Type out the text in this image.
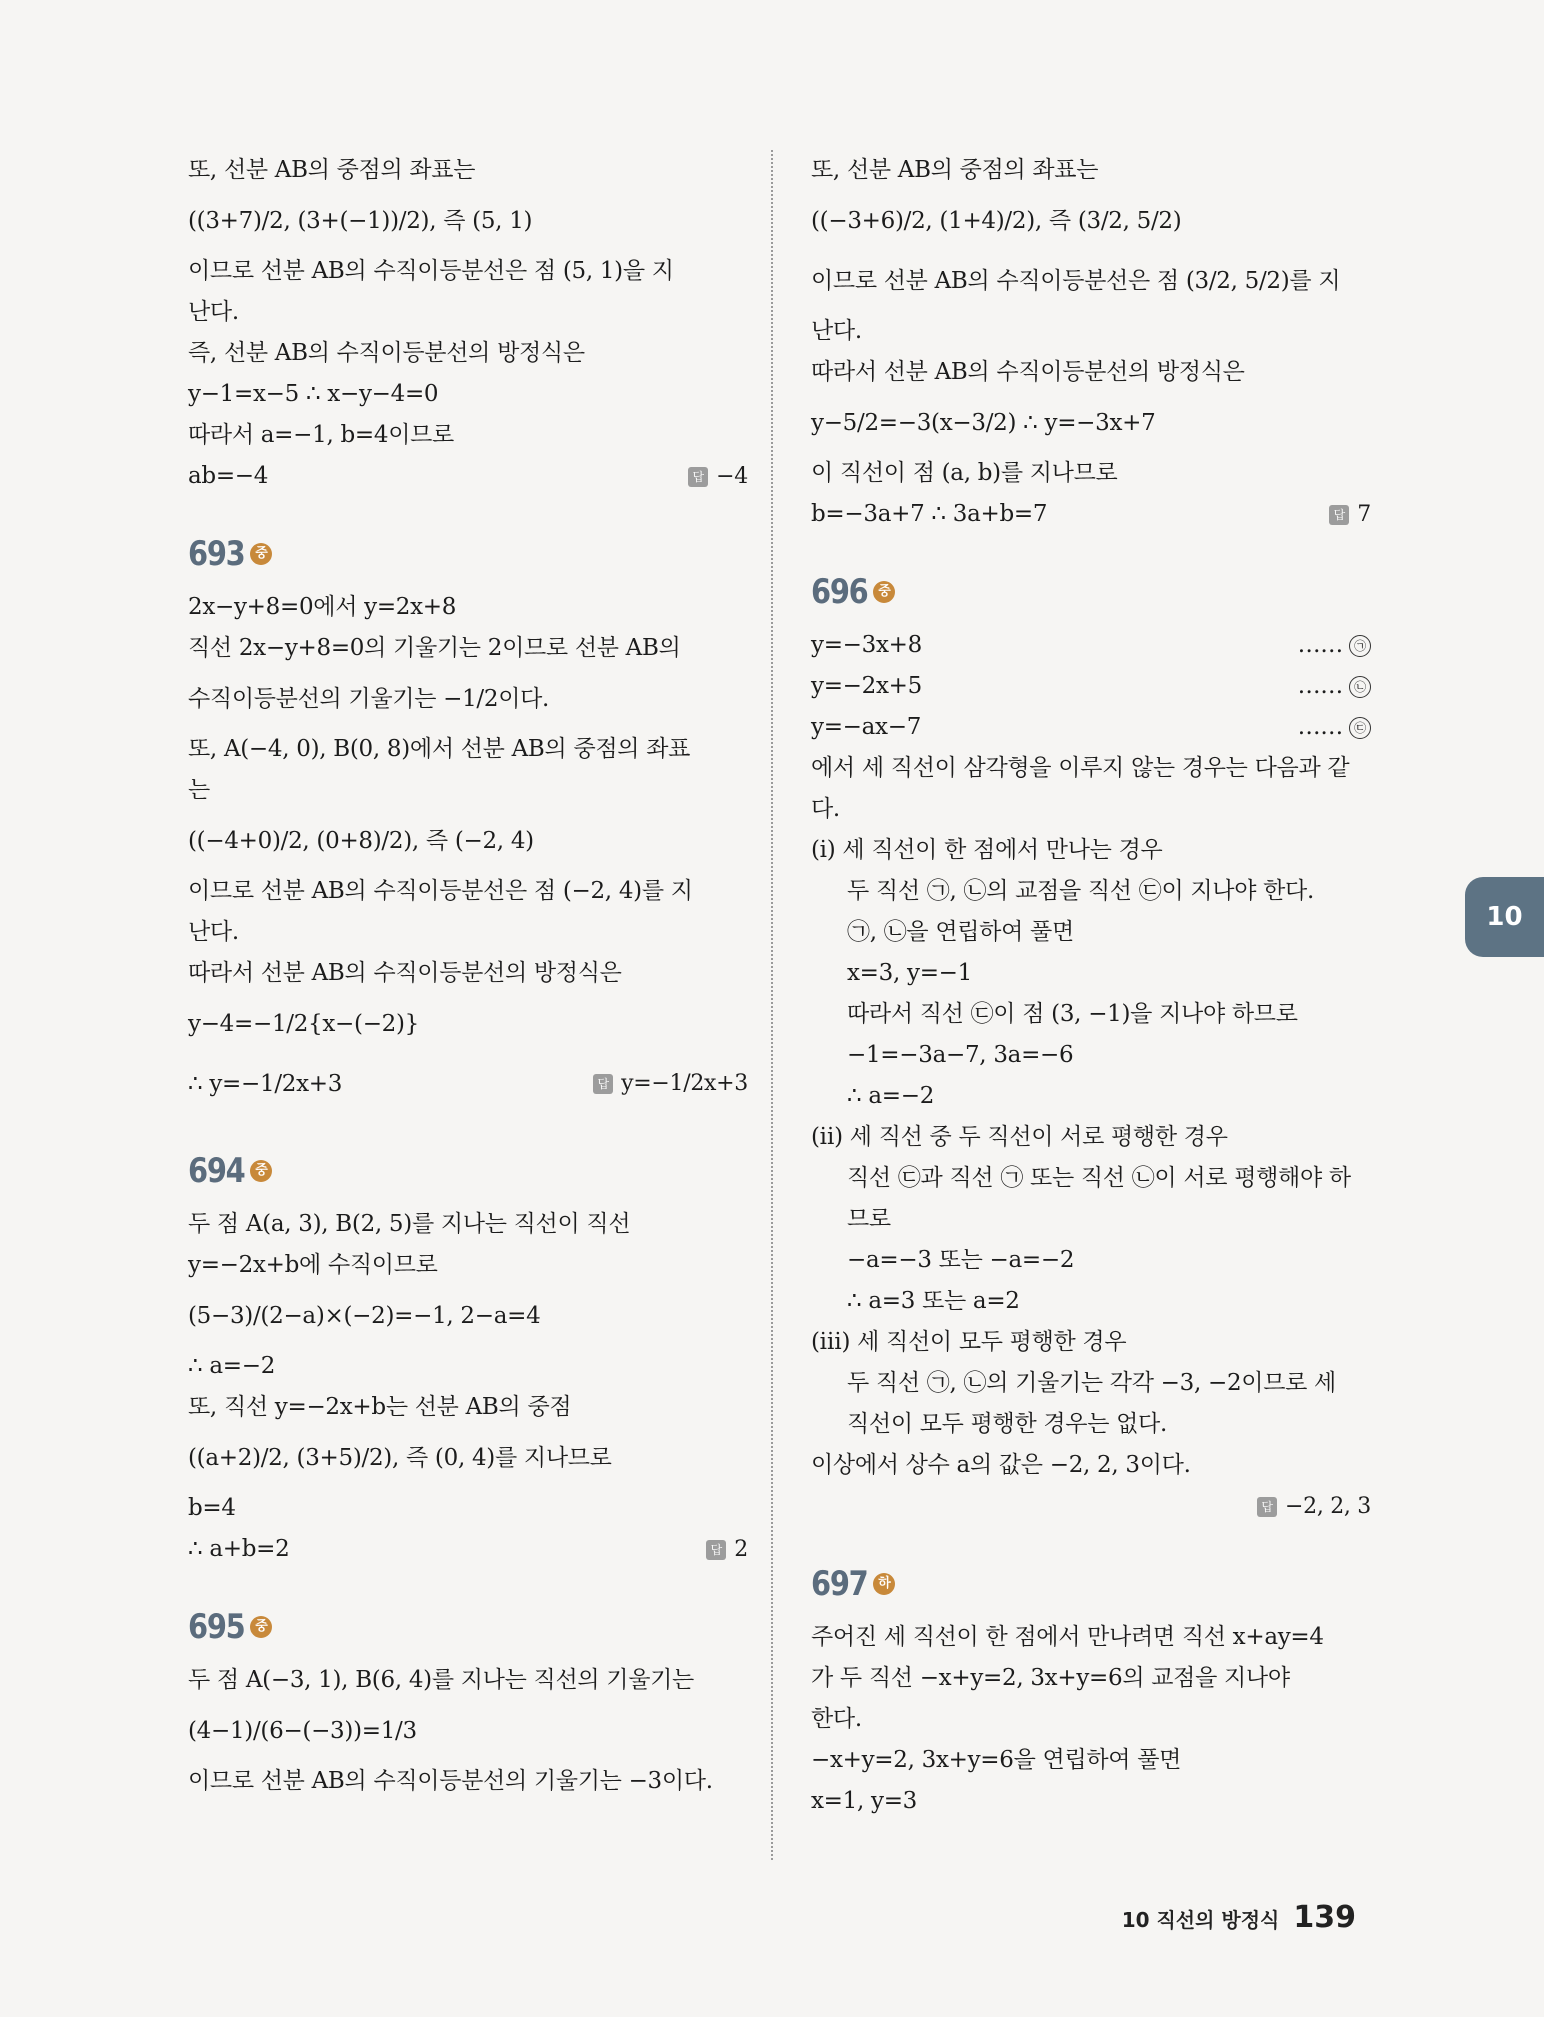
또, 선분 AB의 중점의 좌표는
((3+7)/2, (3+(−1))/2), 즉 (5, 1)
이므로 선분 AB의 수직이등분선은 점 (5, 1)을 지
난다.
즉, 선분 AB의 수직이등분선의 방정식은
y−1=x−5 ∴ x−y−4=0
따라서 a=−1, b=4이므로
ab=−4	답 −4
693 중
2x−y+8=0에서 y=2x+8
직선 2x−y+8=0의 기울기는 2이므로 선분 AB의
수직이등분선의 기울기는 −1/2이다.
또, A(−4, 0), B(0, 8)에서 선분 AB의 중점의 좌표
는
((−4+0)/2, (0+8)/2), 즉 (−2, 4)
이므로 선분 AB의 수직이등분선은 점 (−2, 4)를 지
난다.
따라서 선분 AB의 수직이등분선의 방정식은
y−4=−1/2{x−(−2)}
∴ y=−1/2x+3	답 y=−1/2x+3
694 중
두 점 A(a, 3), B(2, 5)를 지나는 직선이 직선
y=−2x+b에 수직이므로
(5−3)/(2−a)×(−2)=−1, 2−a=4
∴ a=−2
또, 직선 y=−2x+b는 선분 AB의 중점
((a+2)/2, (3+5)/2), 즉 (0, 4)를 지나므로
b=4
∴ a+b=2	답 2
695 중
두 점 A(−3, 1), B(6, 4)를 지나는 직선의 기울기는
(4−1)/(6−(−3))=1/3
이므로 선분 AB의 수직이등분선의 기울기는 −3이다.
또, 선분 AB의 중점의 좌표는
((−3+6)/2, (1+4)/2), 즉 (3/2, 5/2)
이므로 선분 AB의 수직이등분선은 점 (3/2, 5/2)를 지
난다.
따라서 선분 AB의 수직이등분선의 방정식은
y−5/2=−3(x−3/2) ∴ y=−3x+7
이 직선이 점 (a, b)를 지나므로
b=−3a+7 ∴ 3a+b=7	답 7
696 중
y=−3x+8	…… ㉠
y=−2x+5	…… ㉡
y=−ax−7	…… ㉢
에서 세 직선이 삼각형을 이루지 않는 경우는 다음과 같
다.
(ⅰ) 세 직선이 한 점에서 만나는 경우
두 직선 ㉠, ㉡의 교점을 직선 ㉢이 지나야 한다.
㉠, ㉡을 연립하여 풀면
x=3, y=−1
따라서 직선 ㉢이 점 (3, −1)을 지나야 하므로
−1=−3a−7, 3a=−6
∴ a=−2
(ⅱ) 세 직선 중 두 직선이 서로 평행한 경우
직선 ㉢과 직선 ㉠ 또는 직선 ㉡이 서로 평행해야 하
므로
−a=−3 또는 −a=−2
∴ a=3 또는 a=2
(ⅲ) 세 직선이 모두 평행한 경우
두 직선 ㉠, ㉡의 기울기는 각각 −3, −2이므로 세
직선이 모두 평행한 경우는 없다.
이상에서 상수 a의 값은 −2, 2, 3이다.
답 −2, 2, 3
697 하
주어진 세 직선이 한 점에서 만나려면 직선 x+ay=4
가 두 직선 −x+y=2, 3x+y=6의 교점을 지나야
한다.
−x+y=2, 3x+y=6을 연립하여 풀면
x=1, y=3
10
10 직선의 방정식 139
